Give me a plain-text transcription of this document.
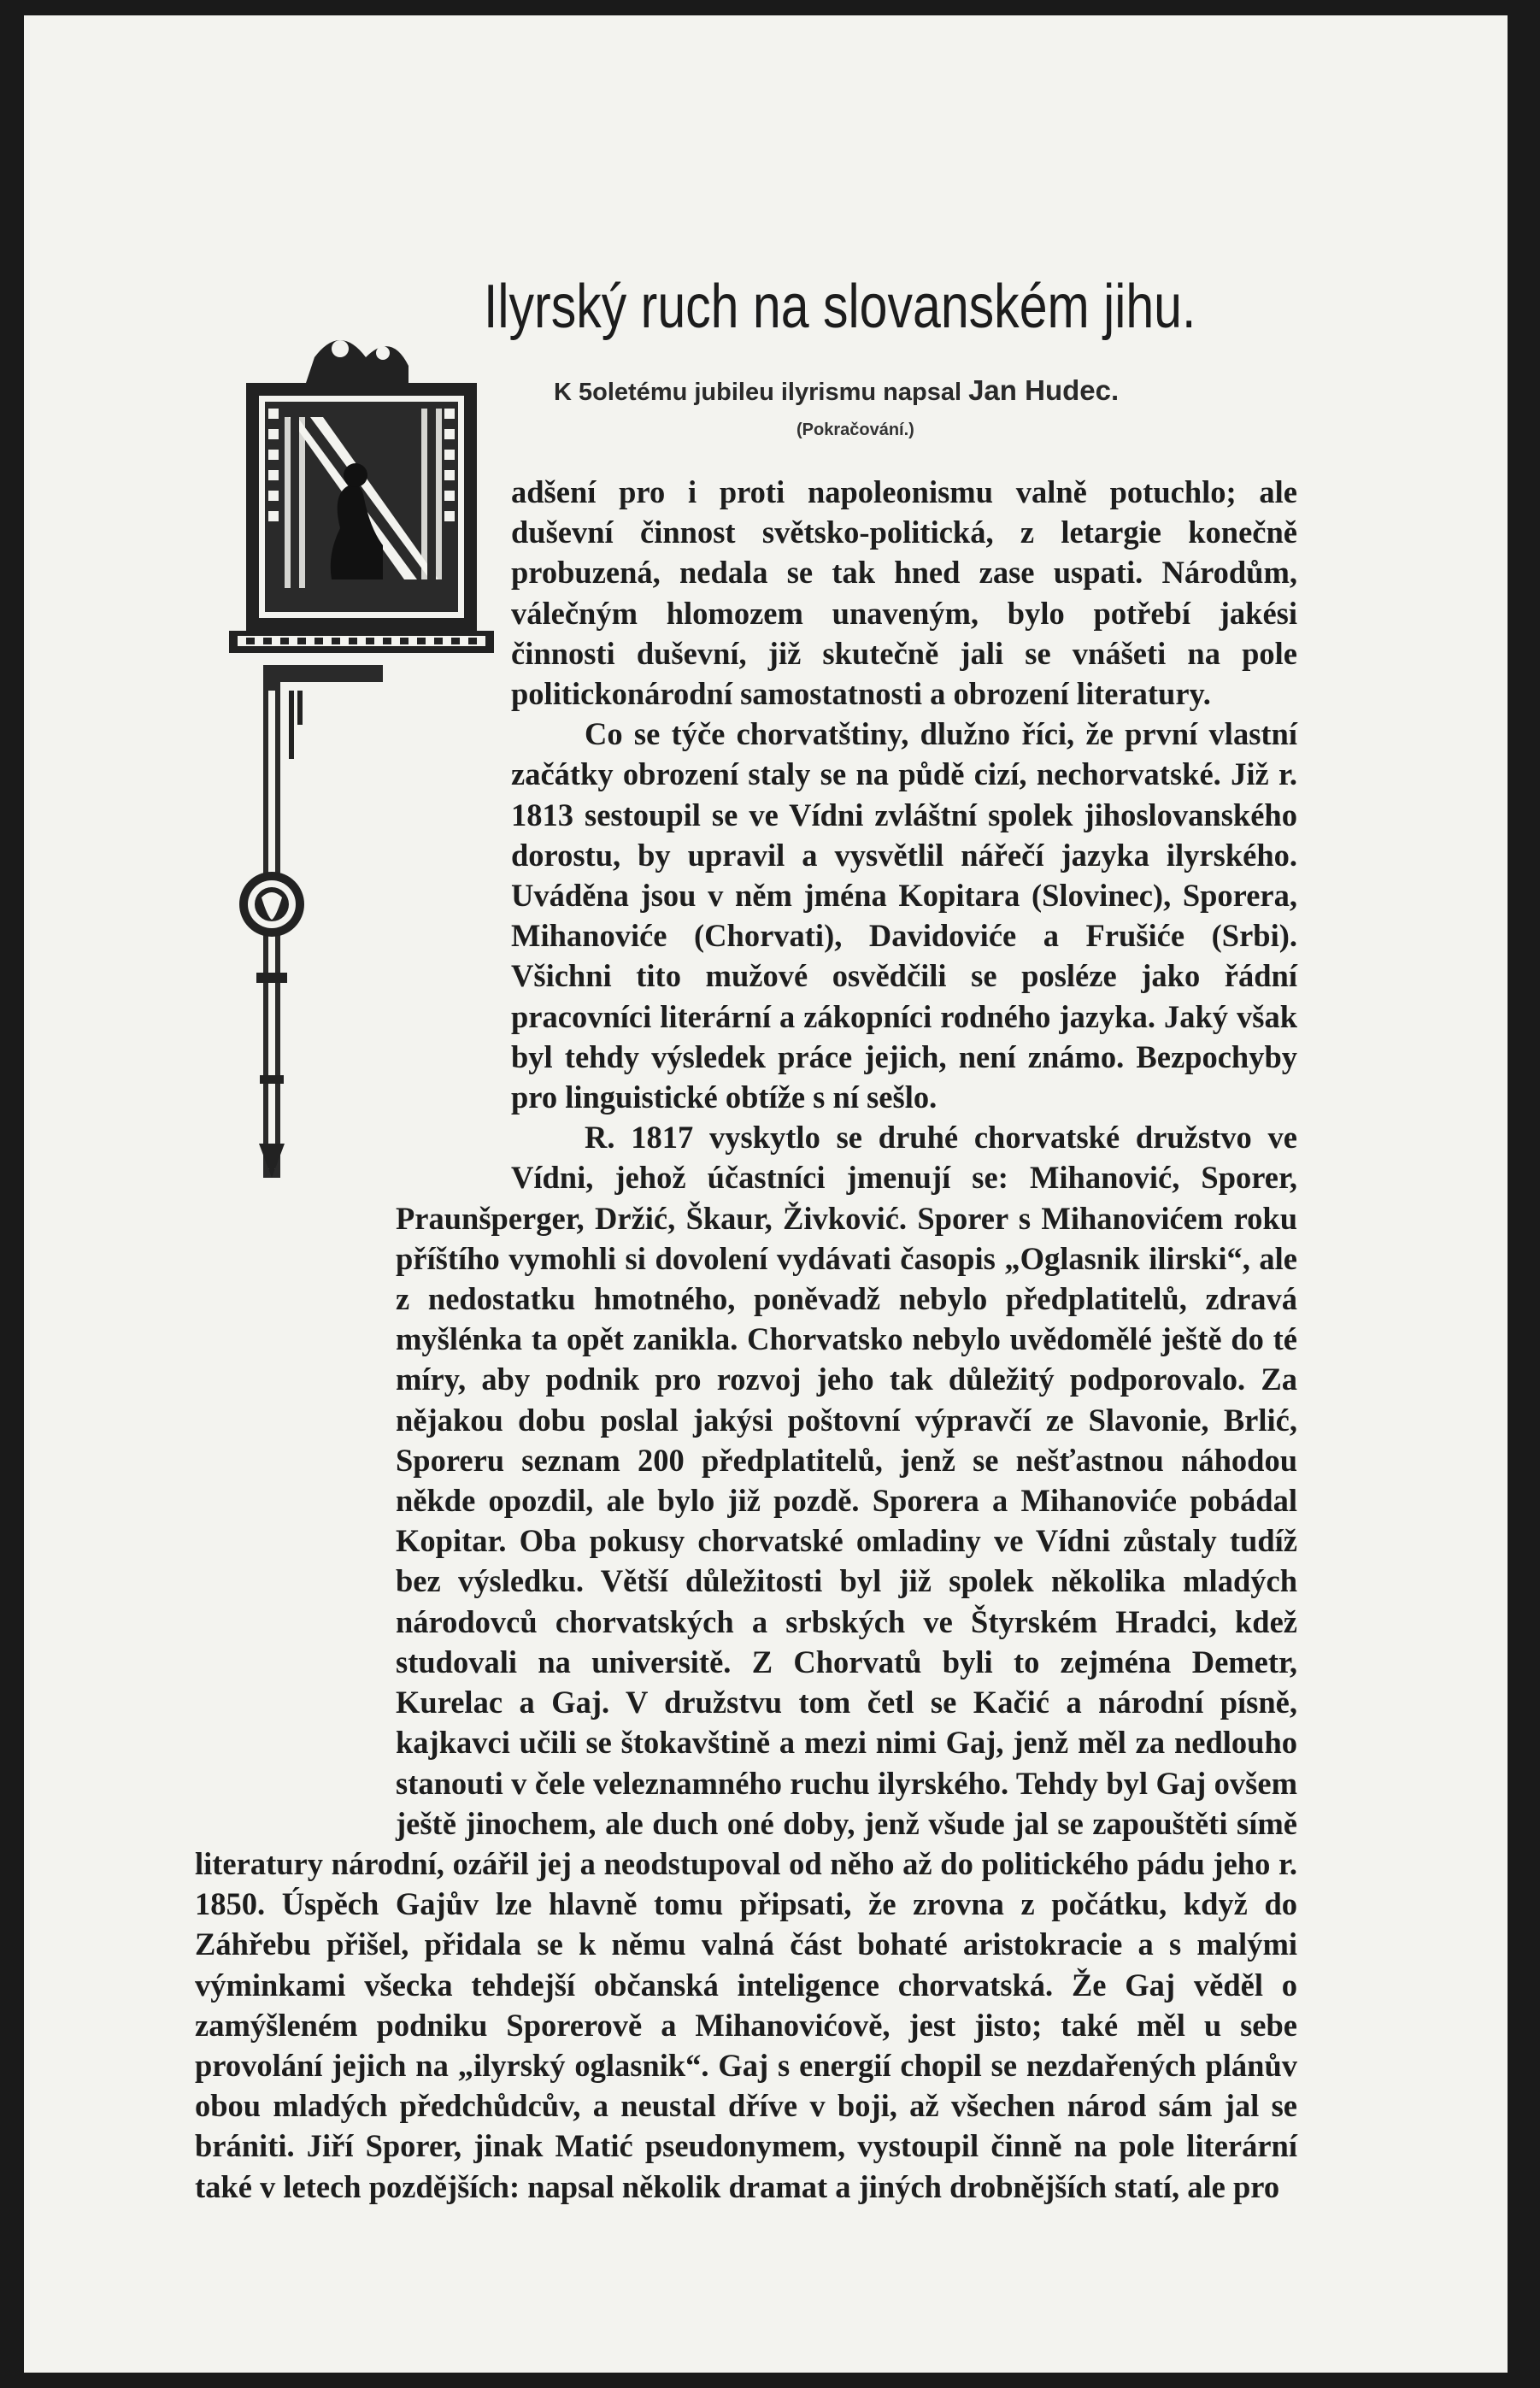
Ilyrský ruch na slovanském jihu.
K 5oletému jubileu ilyrismu napsal Jan Hudec.
(Pokračování.)

adšení pro i proti napoleonismu valně potuchlo; ale duševní činnost světsko-politická, z letargie konečně probuzená, nedala se tak hned zase uspati. Národům, válečným hlomozem unaveným, bylo potřebí jakési činnosti duševní, již skutečně jali se vnášeti na pole politickonárodní samostatnosti a obrození literatury.

Co se týče chorvatštiny, dlužno říci, že první vlastní začátky obrození staly se na půdě cizí, nechorvatské. Již r. 1813 sestoupil se ve Vídni zvláštní spolek jihoslovanského dorostu, by upravil a vysvětlil nářečí jazyka ilyrského. Uváděna jsou v něm jména Kopitara (Slovinec), Sporera, Mihanoviće (Chorvati), Davidoviće a Frušiće (Srbi). Všichni tito mužové osvědčili se posléze jako řádní pracovníci literární a zákopníci rodného jazyka. Jaký však byl tehdy výsledek práce jejich, není známo. Bezpochyby pro linguistické obtíže s ní sešlo.

R. 1817 vyskytlo se druhé chorvatské družstvo ve Vídni, jehož účastníci jmenují se: Mihanović, Sporer, Praunšperger, Držić, Škaur, Živković. Sporer s Mihanovićem roku příštího vymohli si dovolení vydávati časopis „Oglasnik ilirski“, ale z nedostatku hmotného, poněvadž nebylo předplatitelů, zdravá myšlénka ta opět zanikla. Chorvatsko nebylo uvědomělé ještě do té míry, aby podnik pro rozvoj jeho tak důležitý podporovalo. Za nějakou dobu poslal jakýsi poštovní výpravčí ze Slavonie, Brlić, Sporeru seznam 200 předplatitelů, jenž se nešťastnou náhodou někde opozdil, ale bylo již pozdě. Sporera a Mihanoviće pobádal Kopitar. Oba pokusy chorvatské omladiny ve Vídni zůstaly tudíž bez výsledku. Větší důležitosti byl již spolek několika mladých národovců chorvatských a srbských ve Štyrském Hradci, kdež studovali na universitě. Z Chorvatů byli to zejména Demetr, Kurelac a Gaj. V družstvu tom četl se Kačić a národní písně, kajkavci učili se štokavštině a mezi nimi Gaj, jenž měl za nedlouho stanouti v čele veleznamného ruchu ilyrského. Tehdy byl Gaj ovšem ještě jinochem, ale duch oné doby, jenž všude jal se zapouštěti símě literatury národní, ozářil jej a neodstupoval od něho až do politického pádu jeho r. 1850. Úspěch Gajův lze hlavně tomu připsati, že zrovna z počátku, když do Záhřebu přišel, přidala se k němu valná část bohaté aristokracie a s malými výminkami všecka tehdejší občanská inteligence chorvatská. Že Gaj věděl o zamýšleném podniku Sporerově a Mihanovićově, jest jisto; také měl u sebe provolání jejich na „ilyrský oglasnik“. Gaj s energií chopil se nezdařených plánův obou mladých předchůdcův, a neustal dříve v boji, až všechen národ sám jal se brániti. Jiří Sporer, jinak Matić pseudonymem, vystoupil činně na pole literární také v letech pozdějších: napsal několik dramat a jiných drobnějších statí, ale pro
